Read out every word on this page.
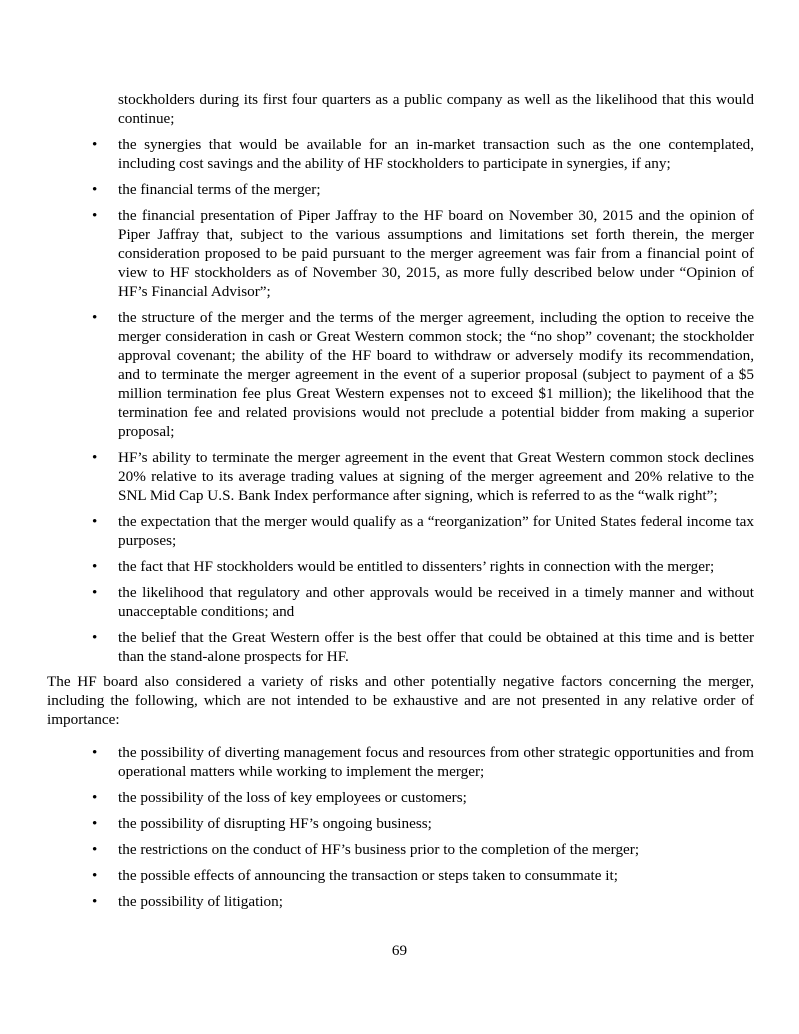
stockholders during its first four quarters as a public company as well as the likelihood that this would continue;

• the synergies that would be available for an in-market transaction such as the one contemplated, including cost savings and the ability of HF stockholders to participate in synergies, if any;
• the financial terms of the merger;
• the financial presentation of Piper Jaffray to the HF board on November 30, 2015 and the opinion of Piper Jaffray that, subject to the various assumptions and limitations set forth therein, the merger consideration proposed to be paid pursuant to the merger agreement was fair from a financial point of view to HF stockholders as of November 30, 2015, as more fully described below under “Opinion of HF’s Financial Advisor”;
• the structure of the merger and the terms of the merger agreement, including the option to receive the merger consideration in cash or Great Western common stock; the “no shop” covenant; the stockholder approval covenant; the ability of the HF board to withdraw or adversely modify its recommendation, and to terminate the merger agreement in the event of a superior proposal (subject to payment of a $5 million termination fee plus Great Western expenses not to exceed $1 million); the likelihood that the termination fee and related provisions would not preclude a potential bidder from making a superior proposal;
• HF’s ability to terminate the merger agreement in the event that Great Western common stock declines 20% relative to its average trading values at signing of the merger agreement and 20% relative to the SNL Mid Cap U.S. Bank Index performance after signing, which is referred to as the “walk right”;
• the expectation that the merger would qualify as a “reorganization” for United States federal income tax purposes;
• the fact that HF stockholders would be entitled to dissenters’ rights in connection with the merger;
• the likelihood that regulatory and other approvals would be received in a timely manner and without unacceptable conditions; and
• the belief that the Great Western offer is the best offer that could be obtained at this time and is better than the stand-alone prospects for HF.

The HF board also considered a variety of risks and other potentially negative factors concerning the merger, including the following, which are not intended to be exhaustive and are not presented in any relative order of importance:

• the possibility of diverting management focus and resources from other strategic opportunities and from operational matters while working to implement the merger;
• the possibility of the loss of key employees or customers;
• the possibility of disrupting HF’s ongoing business;
• the restrictions on the conduct of HF’s business prior to the completion of the merger;
• the possible effects of announcing the transaction or steps taken to consummate it;
• the possibility of litigation;
69
